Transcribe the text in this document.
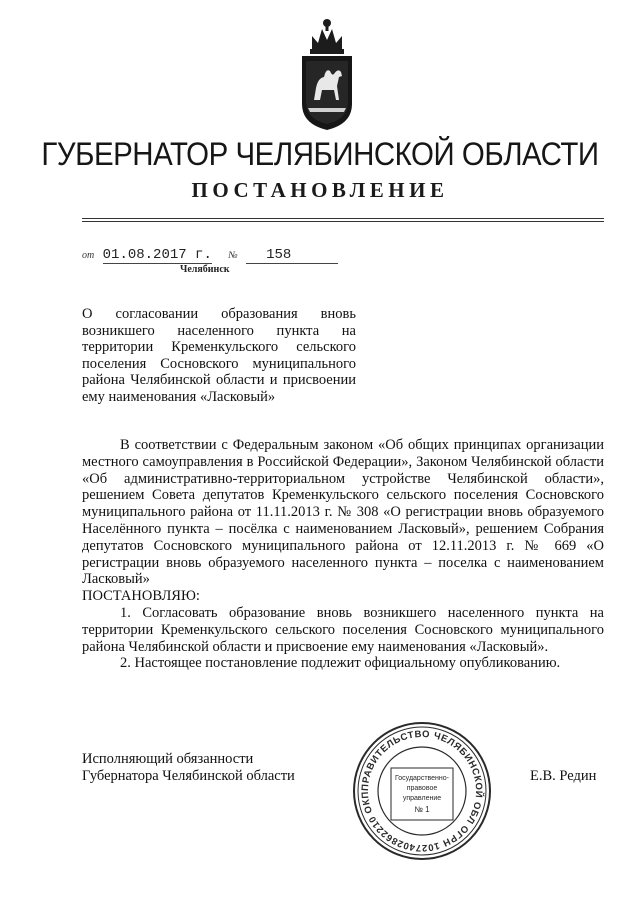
ГУБЕРНАТОР ЧЕЛЯБИНСКОЙ ОБЛАСТИ
ПОСТАНОВЛЕНИЕ
от 01.08.2017 г. № 158
Челябинск
О согласовании образования вновь возникшего населенного пункта на территории Кременкульского сельского поселения Сосновского муниципального района Челябинской области и присвоении ему наименования «Ласковый»

В соответствии с Федеральным законом «Об общих принципах организации местного самоуправления в Российской Федерации», Законом Челябинской области «Об административно-территориальном устройстве Челябинской области», решением Совета депутатов Кременкульского сельского поселения Сосновского муниципального района от 11.11.2013 г. № 308 «О регистрации вновь образуемого Населённого пункта – посёлка с наименованием Ласковый», решением Собрания депутатов Сосновского муниципального района от 12.11.2013 г. № 669 «О регистрации вновь образуемого населенного пункта – поселка с наименованием Ласковый»

ПОСТАНОВЛЯЮ:

1. Согласовать образование вновь возникшего населенного пункта на территории Кременкульского сельского поселения Сосновского муниципального района Челябинской области и присвоение ему наименования «Ласковый».

2. Настоящее постановление подлежит официальному опубликованию.

Исполняющий обязанности
Губернатора Челябинской области	Е.В. Редин
ПРАВИТЕЛЬСТВО ЧЕЛЯБИНСКОЙ ОБЛ ОГРН 1027402862210 ОКП
Государственно-
правовое
управление
№ 1
